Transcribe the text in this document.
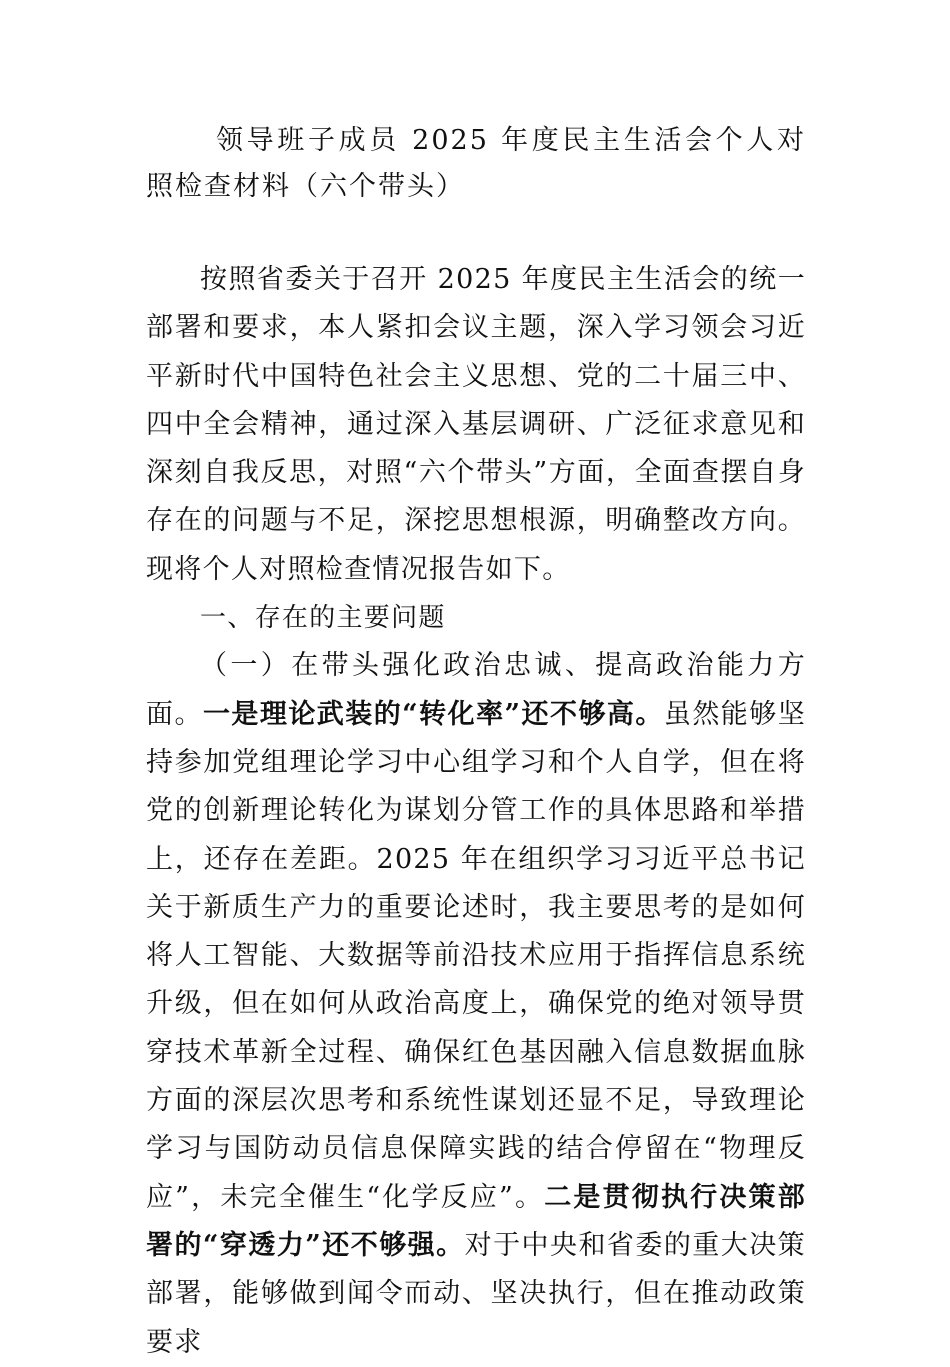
领导班子成员 2025 年度民主生活会个人对照检查材料（六个带头）

按照省委关于召开 2025 年度民主生活会的统一部署和要求，本人紧扣会议主题，深入学习领会习近平新时代中国特色社会主义思想、党的二十届三中、四中全会精神，通过深入基层调研、广泛征求意见和深刻自我反思，对照“六个带头”方面，全面查摆自身存在的问题与不足，深挖思想根源，明确整改方向。现将个人对照检查情况报告如下。

一、存在的主要问题

（一）在带头强化政治忠诚、提高政治能力方面。一是理论武装的“转化率”还不够高。虽然能够坚持参加党组理论学习中心组学习和个人自学，但在将党的创新理论转化为谋划分管工作的具体思路和举措上，还存在差距。2025 年在组织学习习近平总书记关于新质生产力的重要论述时，我主要思考的是如何将人工智能、大数据等前沿技术应用于指挥信息系统升级，但在如何从政治高度上，确保党的绝对领导贯穿技术革新全过程、确保红色基因融入信息数据血脉方面的深层次思考和系统性谋划还显不足，导致理论学习与国防动员信息保障实践的结合停留在“物理反应”，未完全催生“化学反应”。二是贯彻执行决策部署的“穿透力”还不够强。对于中央和省委的重大决策部署，能够做到闻令而动、坚决执行，但在推动政策要求
